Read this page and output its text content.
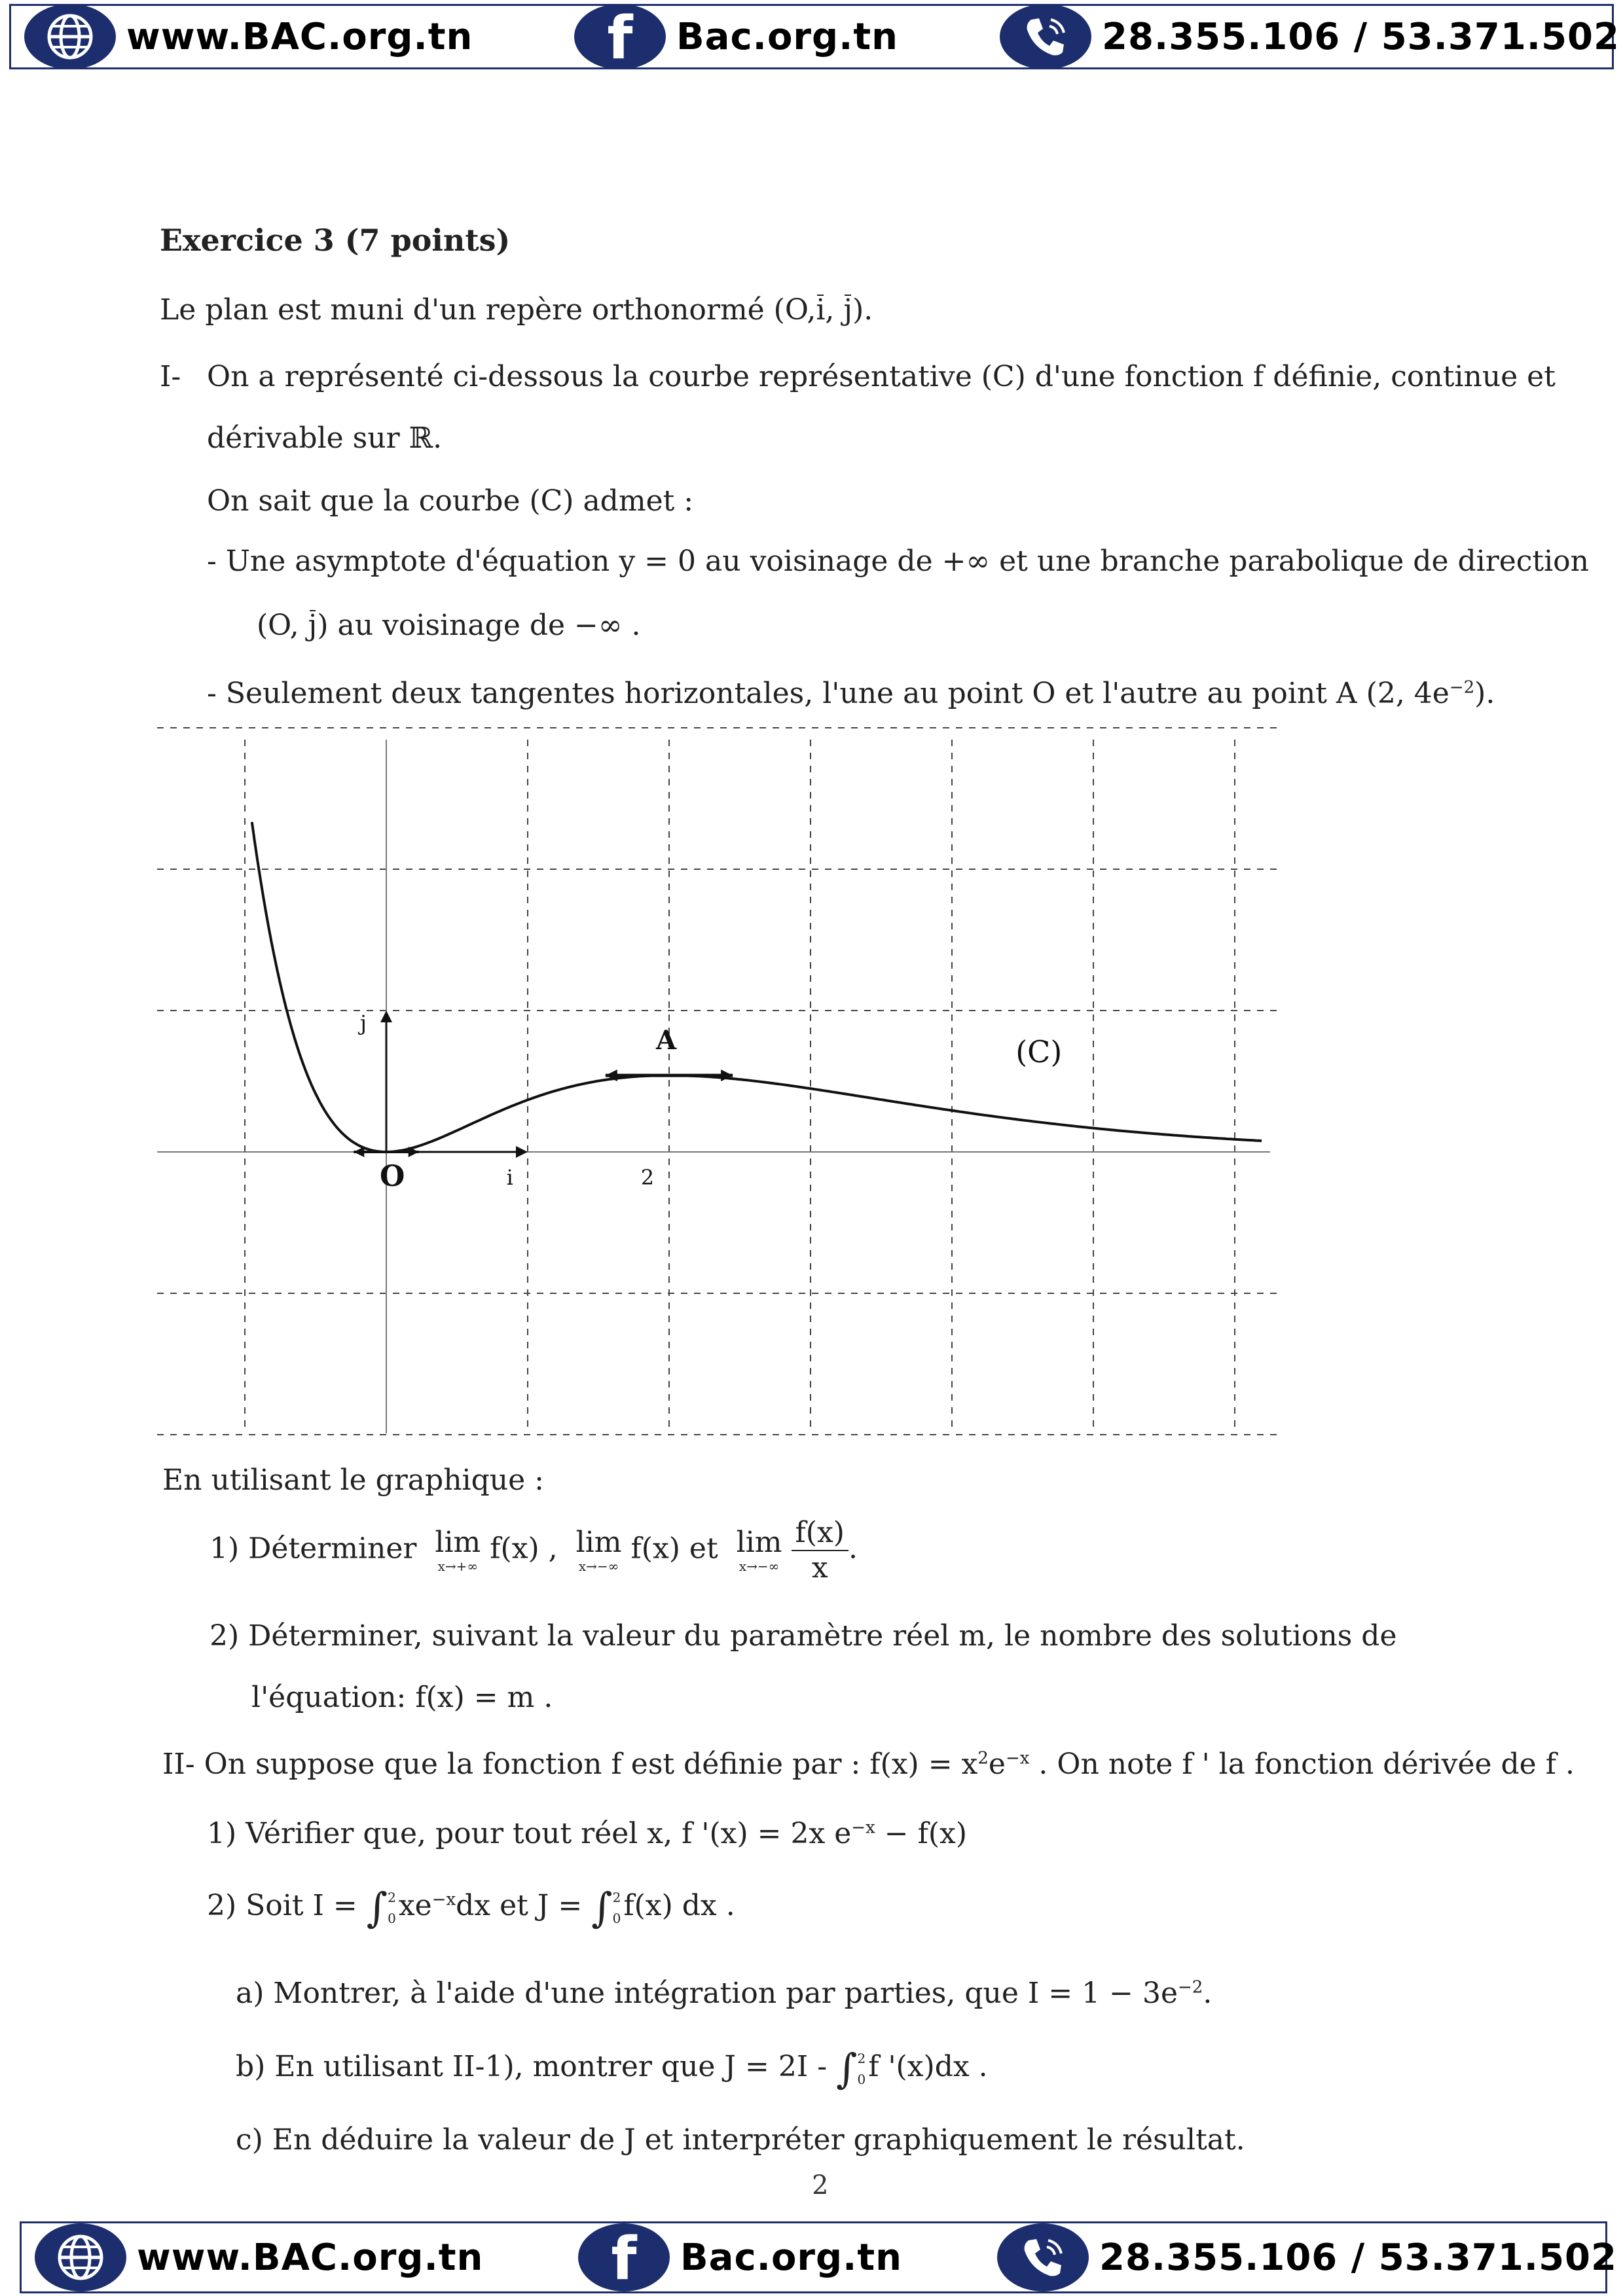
www.BAC.org.tn f Bac.org.tn	28.355.106 / 53.371.502
Exercice 3 (7 points)
Le plan est muni d'un repère orthonormé (O,i, j).
I- On a représenté ci-dessous la courbe représentative (C) d'une fonction f définie, continue et
dérivable sur ℝ.
On sait que la courbe (C) admet :
- Une asymptote d'équation y = 0 au voisinage de +∞ et une branche parabolique de direction
(O, j) au voisinage de −∞ .
- Seulement deux tangentes horizontales, l'une au point O et l'autre au point A (2, $4e^{-2}$).
O
A	(C)
2
j
i
En utilisant le graphique :
1) Déterminer lim
x→+∞
f(x) , lim
x→−∞
f(x) et lim
x→−∞
$\frac{f(x)}{x}$ .
2) Déterminer, suivant la valeur du paramètre réel m, le nombre des solutions de
l'équation: f(x) = m .
II- On suppose que la fonction f est définie par : $f(x) = x^2e^{-x}$ . On note f ' la fonction dérivée de f .
1) Vérifier que, pour tout réel x, f '(x) = 2x $e^{-x} - f(x)$
2) Soit I = ∫ 2
0 $xe^{-x}dx$ et J = ∫ 2
0 f(x) dx .
a) Montrer, à l'aide d'une intégration par parties, que $I = 1 - 3e^{-2}$.
b) En utilisant II-1), montrer que J = 2I - ∫ 2
0 f '(x)dx .
c) En déduire la valeur de J et interpréter graphiquement le résultat.
2
www.BAC.org.tn f Bac.org.tn	28.355.106 / 53.371.502
